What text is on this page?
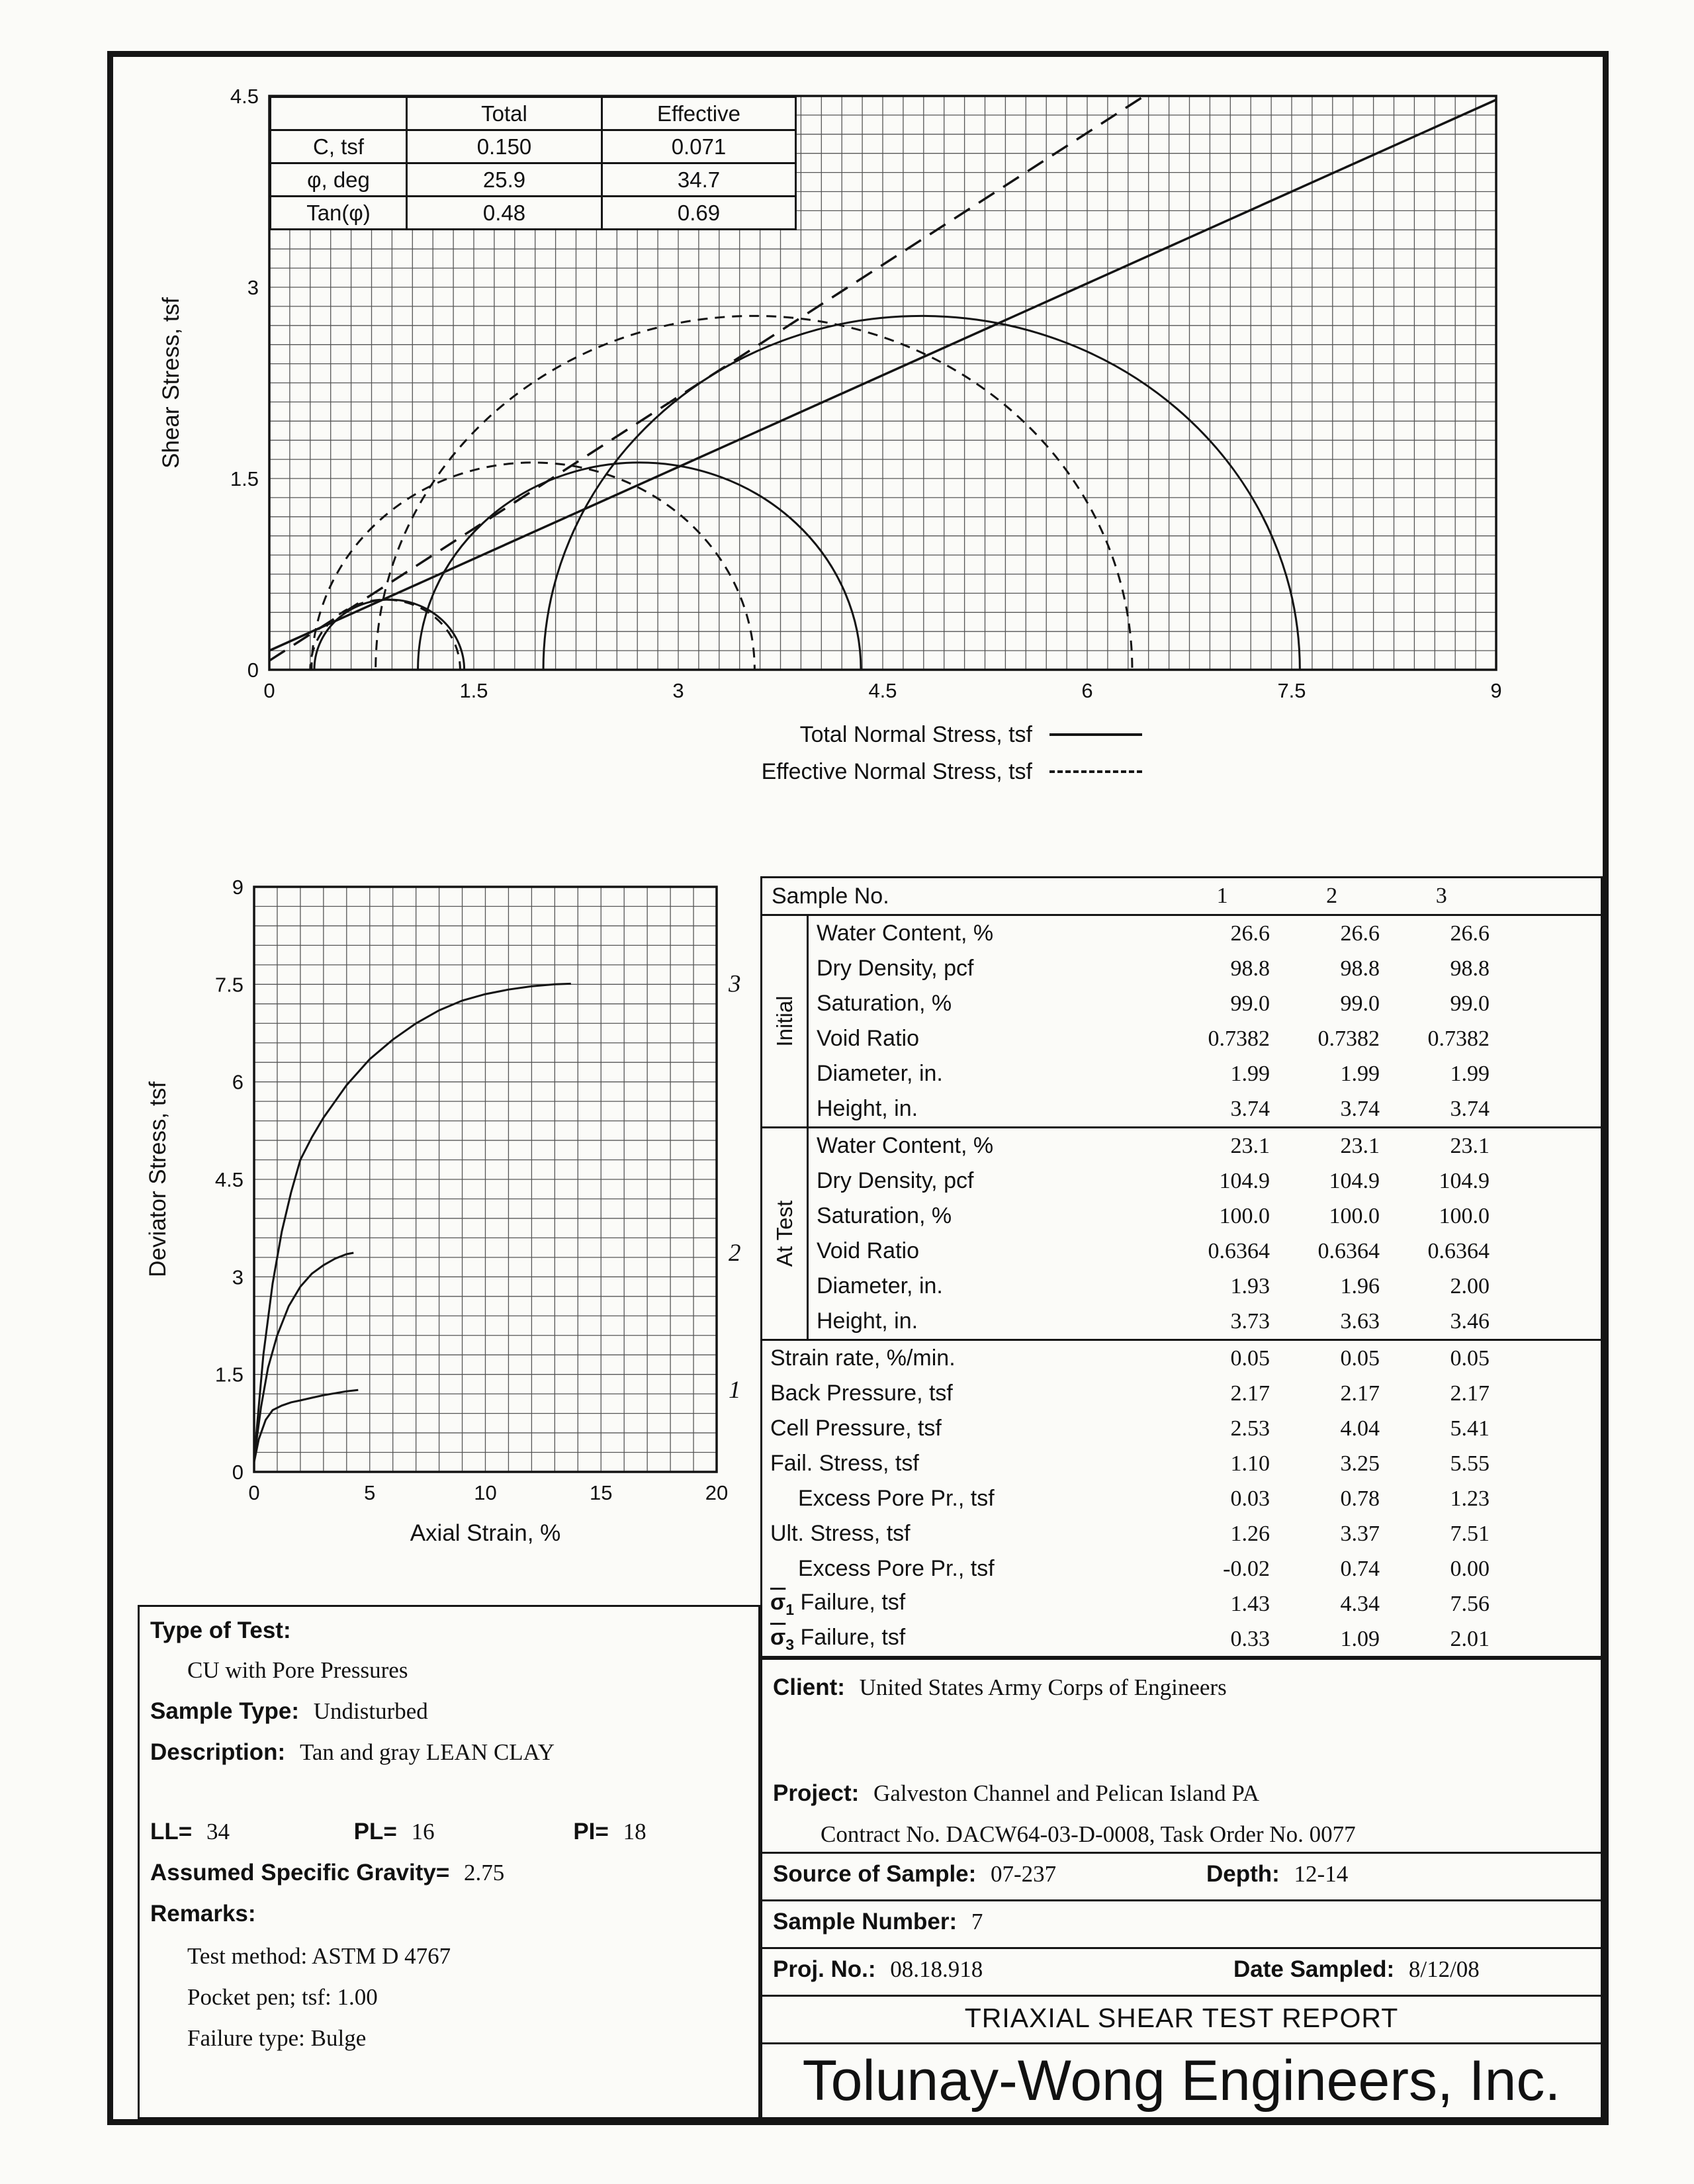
0	1.5	3	4.5	6	7.5	9
0
1.5
3
4.5
Shear Stress, tsf
	Total	Effective
C, tsf	0.150	0.071
φ, deg	25.9	34.7
Tan(φ)	0.48	0.69
Total Normal Stress, tsf
Effective Normal Stress, tsf
1
2
3
0	5	10	15	20
0
1.5
3
4.5
6
7.5
9
Axial Strain, %
Deviator Stress, tsf
Sample No.	1	2	3
Initial
Water Content, %	26.6	26.6	26.6
Dry Density, pcf	98.8	98.8	98.8
Saturation, %	99.0	99.0	99.0
Void Ratio	0.7382	0.7382	0.7382
Diameter, in.	1.99	1.99	1.99
Height, in.	3.74	3.74	3.74
At Test
Water Content, %	23.1	23.1	23.1
Dry Density, pcf	104.9	104.9	104.9
Saturation, %	100.0	100.0	100.0
Void Ratio	0.6364	0.6364	0.6364
Diameter, in.	1.93	1.96	2.00
Height, in.	3.73	3.63	3.46
Strain rate, %/min.	0.05	0.05	0.05
Back Pressure, tsf	2.17	2.17	2.17
Cell Pressure, tsf	2.53	4.04	5.41
Fail. Stress, tsf	1.10	3.25	5.55
Excess Pore Pr., tsf	0.03	0.78	1.23
Ult. Stress, tsf	1.26	3.37	7.51
Excess Pore Pr., tsf	-0.02	0.74	0.00
$\overline{\sigma}_1$ Failure, tsf	1.43	4.34	7.56
$\overline{\sigma}_3$ Failure, tsf	0.33	1.09	2.01
Type of Test:
CU with Pore Pressures
Sample Type: Undisturbed
Description: Tan and gray LEAN CLAY
LL= 34	PL= 16	PI= 18
Assumed Specific Gravity= 2.75
Remarks:
Test method: ASTM D 4767
Pocket pen; tsf: 1.00
Failure type: Bulge
Client: United States Army Corps of Engineers
Project: Galveston Channel and Pelican Island PA
Contract No. DACW64-03-D-0008, Task Order No. 0077
Source of Sample: 07-237	Depth: 12-14
Sample Number: 7
Proj. No.: 08.18.918	Date Sampled: 8/12/08
TRIAXIAL SHEAR TEST REPORT
Tolunay-Wong Engineers, Inc.
